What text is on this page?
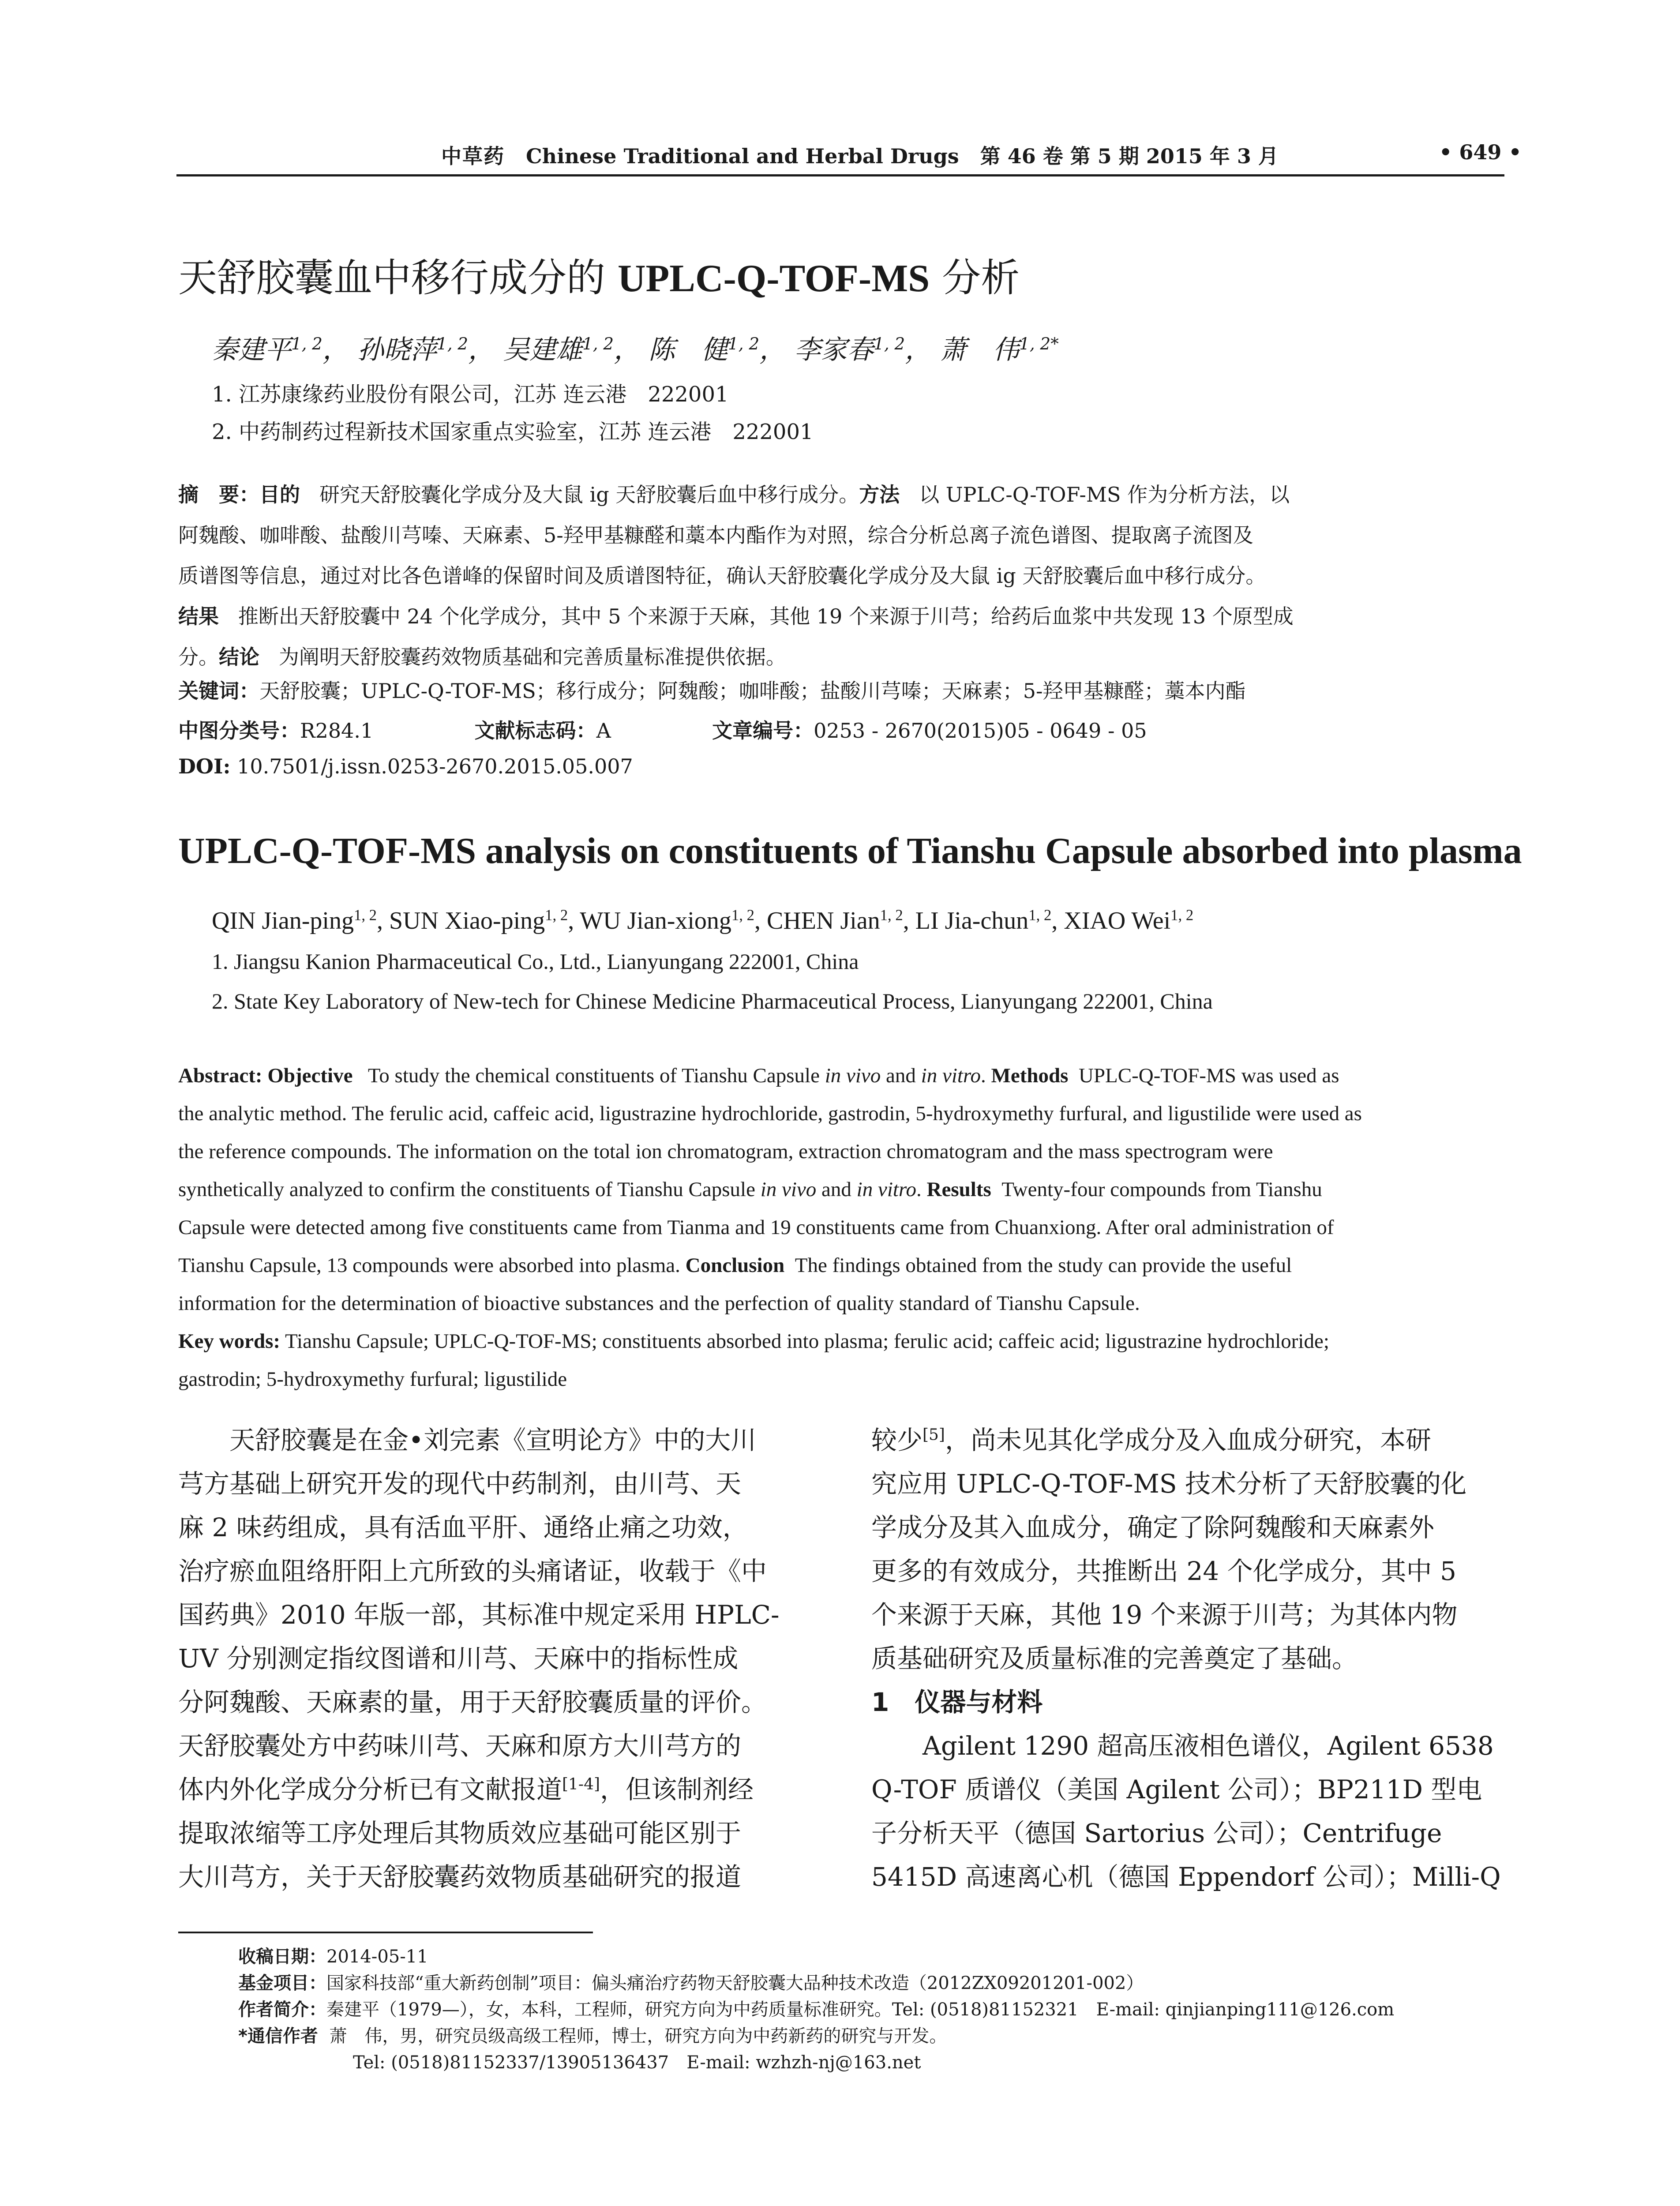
中草药 Chinese Traditional and Herbal Drugs 第 46 卷 第 5 期 2015 年 3 月	• 649 •
天舒胶囊血中移行成分的 UPLC-Q-TOF-MS 分析
秦建平$^{1, 2}$， 孙晓萍$^{1, 2}$， 吴建雄$^{1, 2}$， 陈　健$^{1, 2}$， 李家春$^{1, 2}$， 萧　伟$^{1, 2*}$
1. 江苏康缘药业股份有限公司，江苏 连云港　222001
2. 中药制药过程新技术国家重点实验室，江苏 连云港　222001
摘　要：目的 研究天舒胶囊化学成分及大鼠 ig 天舒胶囊后血中移行成分。方法 以 UPLC-Q-TOF-MS 作为分析方法，以
阿魏酸、咖啡酸、盐酸川芎嗪、天麻素、5-羟甲基糠醛和藁本内酯作为对照，综合分析总离子流色谱图、提取离子流图及
质谱图等信息，通过对比各色谱峰的保留时间及质谱图特征，确认天舒胶囊化学成分及大鼠 ig 天舒胶囊后血中移行成分。
结果 推断出天舒胶囊中 24 个化学成分，其中 5 个来源于天麻，其他 19 个来源于川芎；给药后血浆中共发现 13 个原型成
分。结论 为阐明天舒胶囊药效物质基础和完善质量标准提供依据。
关键词：天舒胶囊；UPLC-Q-TOF-MS；移行成分；阿魏酸；咖啡酸；盐酸川芎嗪；天麻素；5-羟甲基糠醛；藁本内酯
中图分类号：R284.1	文献标志码：A	文章编号：0253 - 2670(2015)05 - 0649 - 05
DOI: 10.7501/j.issn.0253-2670.2015.05.007
UPLC-Q-TOF-MS analysis on constituents of Tianshu Capsule absorbed into plasma
QIN Jian-ping$^{1, 2}$, SUN Xiao-ping$^{1, 2}$, WU Jian-xiong$^{1, 2}$, CHEN Jian$^{1, 2}$, LI Jia-chun$^{1, 2}$, XIAO Wei$^{1, 2}$
1. Jiangsu Kanion Pharmaceutical Co., Ltd., Lianyungang 222001, China
2. State Key Laboratory of New-tech for Chinese Medicine Pharmaceutical Process, Lianyungang 222001, China
Abstract: Objective To study the chemical constituents of Tianshu Capsule in vivo and in vitro. Methods UPLC-Q-TOF-MS was used as
the analytic method. The ferulic acid, caffeic acid, ligustrazine hydrochloride, gastrodin, 5-hydroxymethy furfural, and ligustilide were used as
the reference compounds. The information on the total ion chromatogram, extraction chromatogram and the mass spectrogram were
synthetically analyzed to confirm the constituents of Tianshu Capsule in vivo and in vitro. Results Twenty-four compounds from Tianshu
Capsule were detected among five constituents came from Tianma and 19 constituents came from Chuanxiong. After oral administration of
Tianshu Capsule, 13 compounds were absorbed into plasma. Conclusion The findings obtained from the study can provide the useful
information for the determination of bioactive substances and the perfection of quality standard of Tianshu Capsule.
Key words: Tianshu Capsule; UPLC-Q-TOF-MS; constituents absorbed into plasma; ferulic acid; caffeic acid; ligustrazine hydrochloride;
gastrodin; 5-hydroxymethy furfural; ligustilide
天舒胶囊是在金•刘完素《宣明论方》中的大川
芎方基础上研究开发的现代中药制剂，由川芎、天
麻 2 味药组成，具有活血平肝、通络止痛之功效，
治疗瘀血阻络肝阳上亢所致的头痛诸证，收载于《中
国药典》2010 年版一部，其标准中规定采用 HPLC-
UV 分别测定指纹图谱和川芎、天麻中的指标性成
分阿魏酸、天麻素的量，用于天舒胶囊质量的评价。
天舒胶囊处方中药味川芎、天麻和原方大川芎方的
体内外化学成分分析已有文献报道[1-4]，但该制剂经
提取浓缩等工序处理后其物质效应基础可能区别于
大川芎方，关于天舒胶囊药效物质基础研究的报道
较少[5]，尚未见其化学成分及入血成分研究，本研
究应用 UPLC-Q-TOF-MS 技术分析了天舒胶囊的化
学成分及其入血成分，确定了除阿魏酸和天麻素外
更多的有效成分，共推断出 24 个化学成分，其中 5
个来源于天麻，其他 19 个来源于川芎；为其体内物
质基础研究及质量标准的完善奠定了基础。
1　仪器与材料
Agilent 1290 超高压液相色谱仪，Agilent 6538
Q-TOF 质谱仪（美国 Agilent 公司）；BP211D 型电
子分析天平（德国 Sartorius 公司）；Centrifuge
5415D 高速离心机（德国 Eppendorf 公司）；Milli-Q
收稿日期：2014-05-11
基金项目：国家科技部“重大新药创制”项目：偏头痛治疗药物天舒胶囊大品种技术改造（2012ZX09201201-002）
作者简介：秦建平（1979—），女，本科，工程师，研究方向为中药质量标准研究。Tel: (0518)81152321　E-mail: qinjianping111@126.com
*通信作者 萧　伟，男，研究员级高级工程师，博士，研究方向为中药新药的研究与开发。
Tel: (0518)81152337/13905136437　E-mail: wzhzh-nj@163.net
